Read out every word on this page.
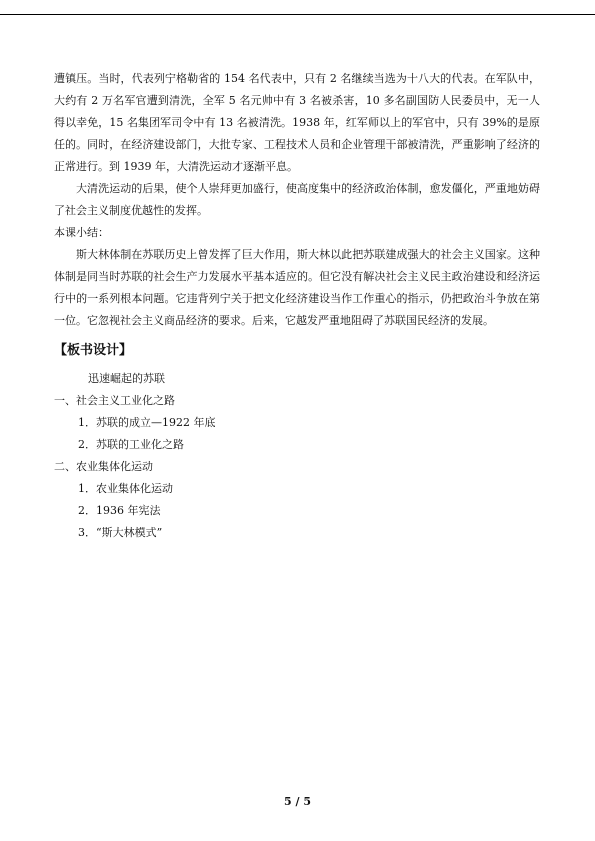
遭镇压。当时，代表列宁格勒省的 154 名代表中，只有 2 名继续当选为十八大的代表。在军队中，大约有 2 万名军官遭到清洗，全军 5 名元帅中有 3 名被杀害，10 多名副国防人民委员中，无一人得以幸免，15 名集团军司令中有 13 名被清洗。1938 年，红军师以上的军官中，只有 39%的是原任的。同时，在经济建设部门，大批专家、工程技术人员和企业管理干部被清洗，严重影响了经济的正常进行。到 1939 年，大清洗运动才逐渐平息。

大清洗运动的后果，使个人崇拜更加盛行，使高度集中的经济政治体制，愈发僵化，严重地妨碍了社会主义制度优越性的发挥。

本课小结：

斯大林体制在苏联历史上曾发挥了巨大作用，斯大林以此把苏联建成强大的社会主义国家。这种体制是同当时苏联的社会生产力发展水平基本适应的。但它没有解决社会主义民主政治建设和经济运行中的一系列根本问题。它违背列宁关于把文化经济建设当作工作重心的指示，仍把政治斗争放在第一位。它忽视社会主义商品经济的要求。后来，它越发严重地阻碍了苏联国民经济的发展。

【板书设计】

迅速崛起的苏联

一、社会主义工业化之路

1．苏联的成立—1922 年底

2．苏联的工业化之路

二、农业集体化运动

1．农业集体化运动

2．1936 年宪法

3．“斯大林模式”

5 / 5
